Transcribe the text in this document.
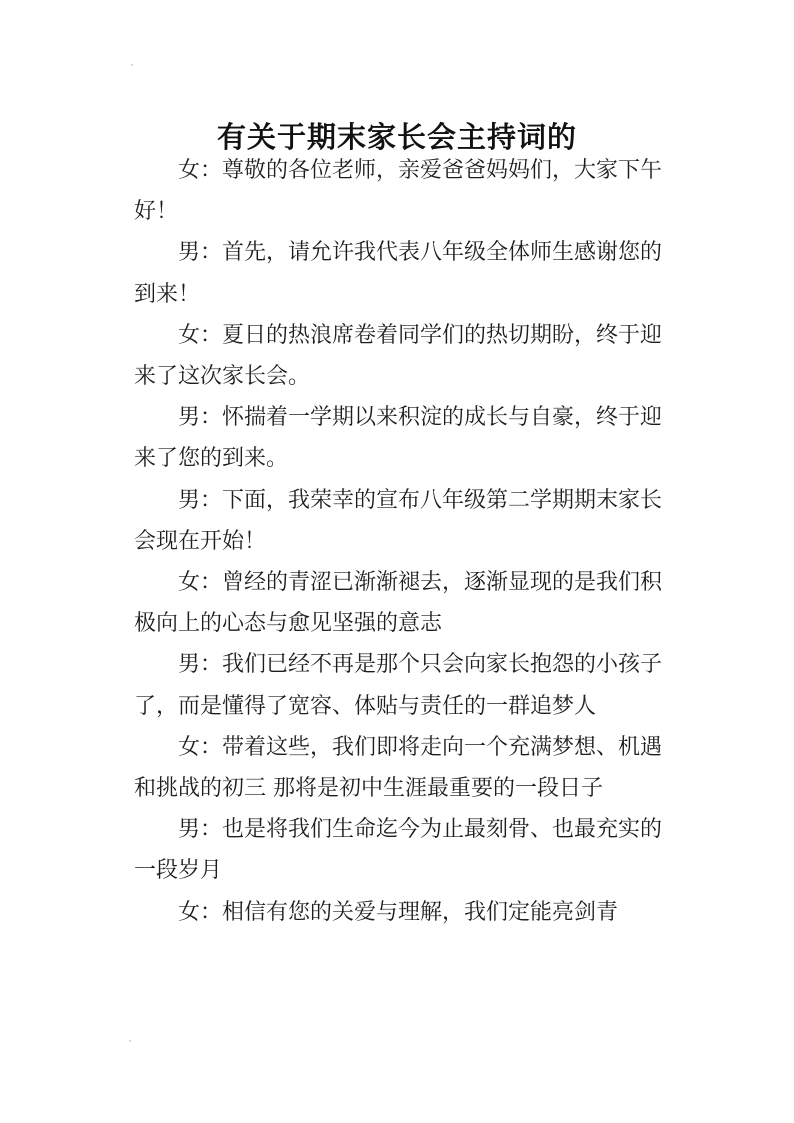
有关于期末家长会主持词的

女：尊敬的各位老师，亲爱爸爸妈妈们，大家下午好！

男：首先，请允许我代表八年级全体师生感谢您的到来！

女：夏日的热浪席卷着同学们的热切期盼，终于迎来了这次家长会。

男：怀揣着一学期以来积淀的成长与自豪，终于迎来了您的到来。

男：下面，我荣幸的宣布八年级第二学期期末家长会现在开始！

女：曾经的青涩已渐渐褪去，逐渐显现的是我们积极向上的心态与愈见坚强的意志

男：我们已经不再是那个只会向家长抱怨的小孩子了，而是懂得了宽容、体贴与责任的一群追梦人

女：带着这些，我们即将走向一个充满梦想、机遇和挑战的初三 那将是初中生涯最重要的一段日子

男：也是将我们生命迄今为止最刻骨、也最充实的一段岁月

女：相信有您的关爱与理解，我们定能亮剑青
